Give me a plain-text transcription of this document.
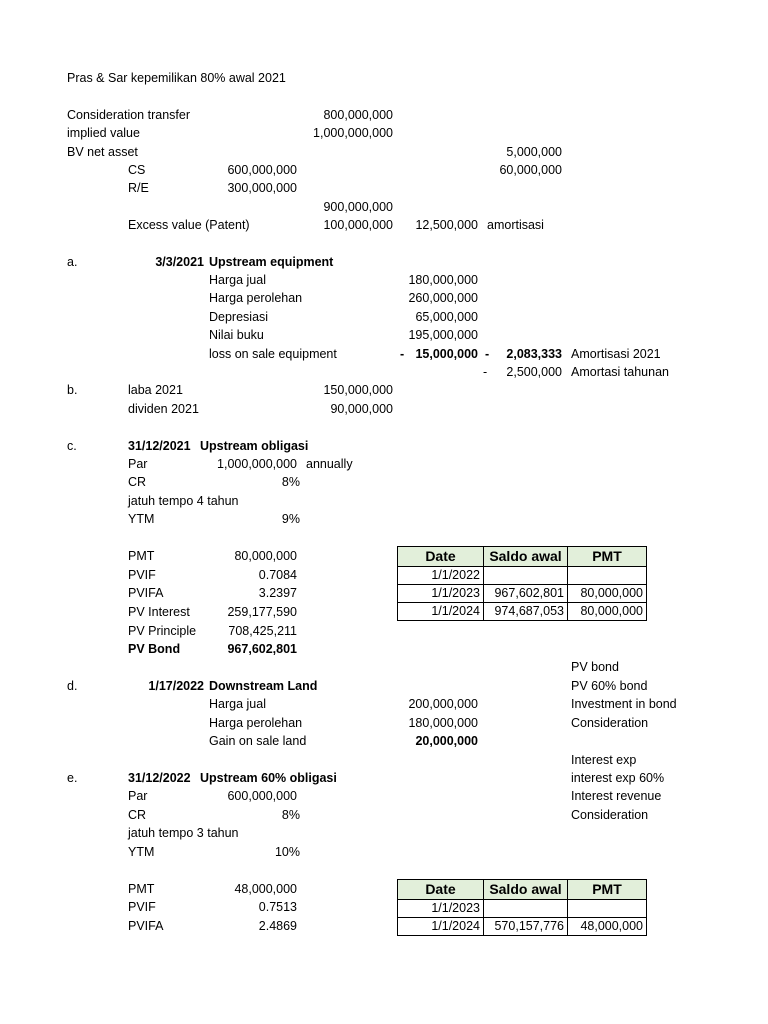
Pras & Sar kepemilikan 80% awal 2021
Consideration transfer	800,000,000
implied value	1,000,000,000
BV net asset	5,000,000
CS	600,000,000	60,000,000
R/E	300,000,000
900,000,000
Excess value (Patent)	100,000,000	12,500,000 amortisasi
a.	3/3/2021 Upstream equipment
Harga jual	180,000,000
Harga perolehan	260,000,000
Depresiasi	65,000,000
Nilai buku	195,000,000
loss on sale equipment	- 15,000,000 -	2,083,333 Amortisasi 2021
-	2,500,000 Amortasi tahunan
b.	laba 2021	150,000,000
dividen 2021	90,000,000
c.	31/12/2021 Upstream obligasi
Par	1,000,000,000 annually
CR	8%
jatuh tempo 4 tahun
YTM	9%
PMT	80,000,000
PVIF	0.7084
PVIFA	3.2397
PV Interest	259,177,590
PV Principle	708,425,211
PV Bond	967,602,801
Date	Saldo awal	PMT
1/1/2022		
1/1/2023	967,602,801	80,000,000
1/1/2024	974,687,053	80,000,000
PV bond
PV 60% bond
Investment in bond
Consideration
Interest exp
interest exp 60%
Interest revenue
Consideration
d.	1/17/2022 Downstream Land
Harga jual	200,000,000
Harga perolehan	180,000,000
Gain on sale land	20,000,000
e.	31/12/2022 Upstream 60% obligasi
Par	600,000,000
CR	8%
jatuh tempo 3 tahun
YTM	10%
PMT	48,000,000
PVIF	0.7513
PVIFA	2.4869
Date	Saldo awal	PMT
1/1/2023		
1/1/2024	570,157,776	48,000,000
